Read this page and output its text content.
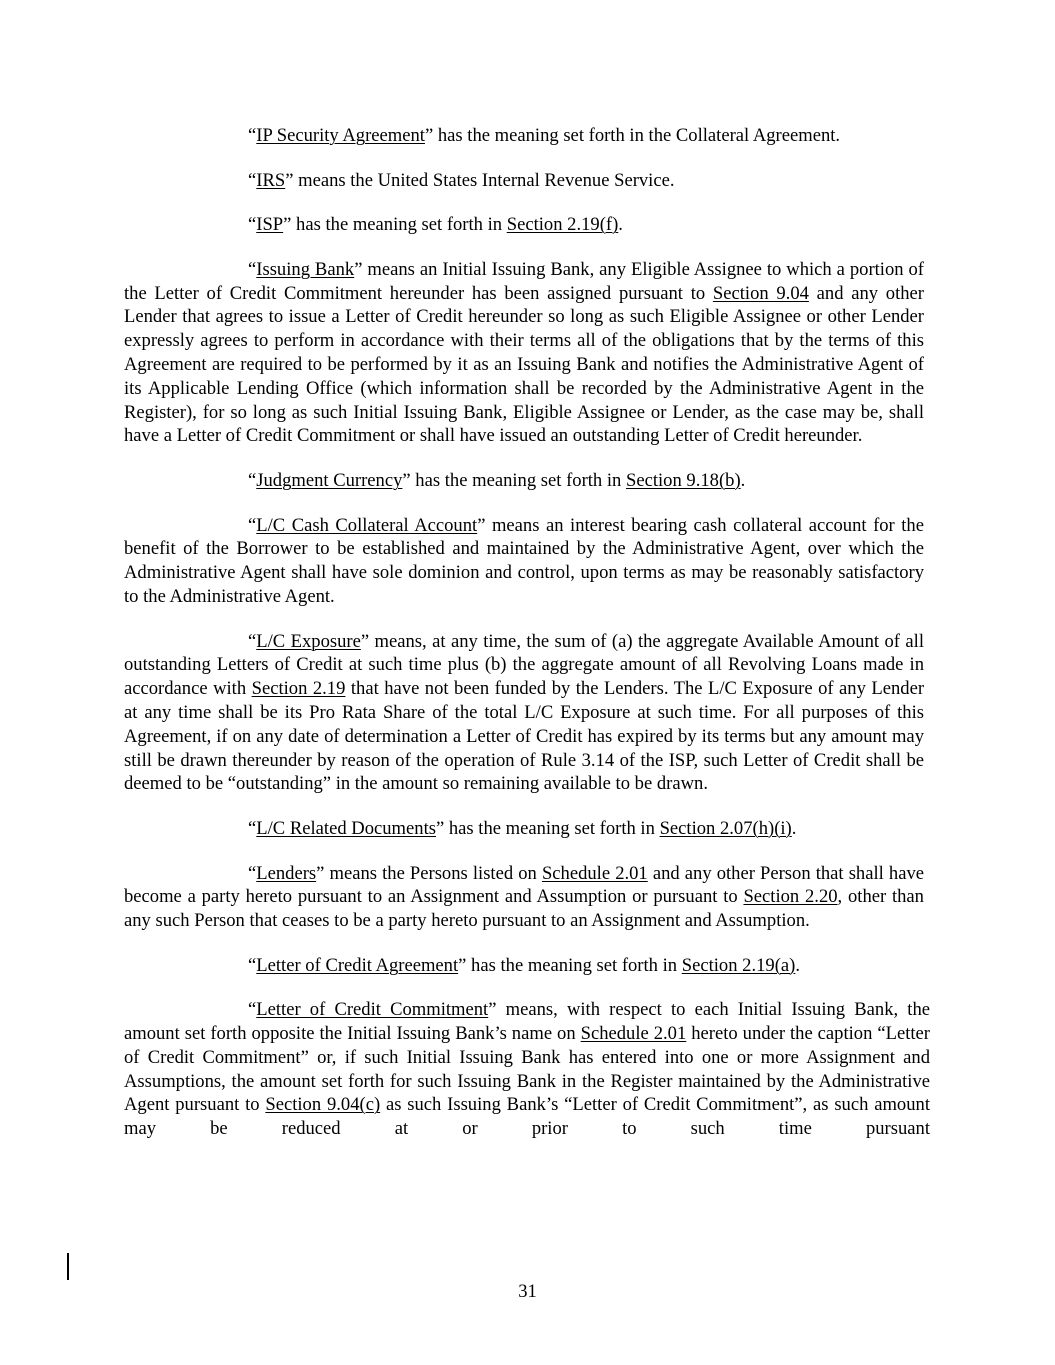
“IP Security Agreement” has the meaning set forth in the Collateral Agreement.

“IRS” means the United States Internal Revenue Service.

“ISP” has the meaning set forth in Section 2.19(f).

“Issuing Bank” means an Initial Issuing Bank, any Eligible Assignee to which a portion of the Letter of Credit Commitment hereunder has been assigned pursuant to Section 9.04 and any other Lender that agrees to issue a Letter of Credit hereunder so long as such Eligible Assignee or other Lender expressly agrees to perform in accordance with their terms all of the obligations that by the terms of this Agreement are required to be performed by it as an Issuing Bank and notifies the Administrative Agent of its Applicable Lending Office (which information shall be recorded by the Administrative Agent in the Register), for so long as such Initial Issuing Bank, Eligible Assignee or Lender, as the case may be, shall have a Letter of Credit Commitment or shall have issued an outstanding Letter of Credit hereunder.

“Judgment Currency” has the meaning set forth in Section 9.18(b).

“L/C Cash Collateral Account” means an interest bearing cash collateral account for the benefit of the Borrower to be established and maintained by the Administrative Agent, over which the Administrative Agent shall have sole dominion and control, upon terms as may be reasonably satisfactory to the Administrative Agent.

“L/C Exposure” means, at any time, the sum of (a) the aggregate Available Amount of all outstanding Letters of Credit at such time plus (b) the aggregate amount of all Revolving Loans made in accordance with Section 2.19 that have not been funded by the Lenders. The L/C Exposure of any Lender at any time shall be its Pro Rata Share of the total L/C Exposure at such time. For all purposes of this Agreement, if on any date of determination a Letter of Credit has expired by its terms but any amount may still be drawn thereunder by reason of the operation of Rule 3.14 of the ISP, such Letter of Credit shall be deemed to be “outstanding” in the amount so remaining available to be drawn.

“L/C Related Documents” has the meaning set forth in Section 2.07(h)(i).

“Lenders” means the Persons listed on Schedule 2.01 and any other Person that shall have become a party hereto pursuant to an Assignment and Assumption or pursuant to Section 2.20, other than any such Person that ceases to be a party hereto pursuant to an Assignment and Assumption.

“Letter of Credit Agreement” has the meaning set forth in Section 2.19(a).

“Letter of Credit Commitment” means, with respect to each Initial Issuing Bank, the amount set forth opposite the Initial Issuing Bank’s name on Schedule 2.01 hereto under the caption “Letter of Credit Commitment” or, if such Initial Issuing Bank has entered into one or more Assignment and Assumptions, the amount set forth for such Issuing Bank in the Register maintained by the Administrative Agent pursuant to Section 9.04(c) as such Issuing Bank’s “Letter of Credit Commitment”, as such amount may be reduced at or prior to such time pursuant

31
